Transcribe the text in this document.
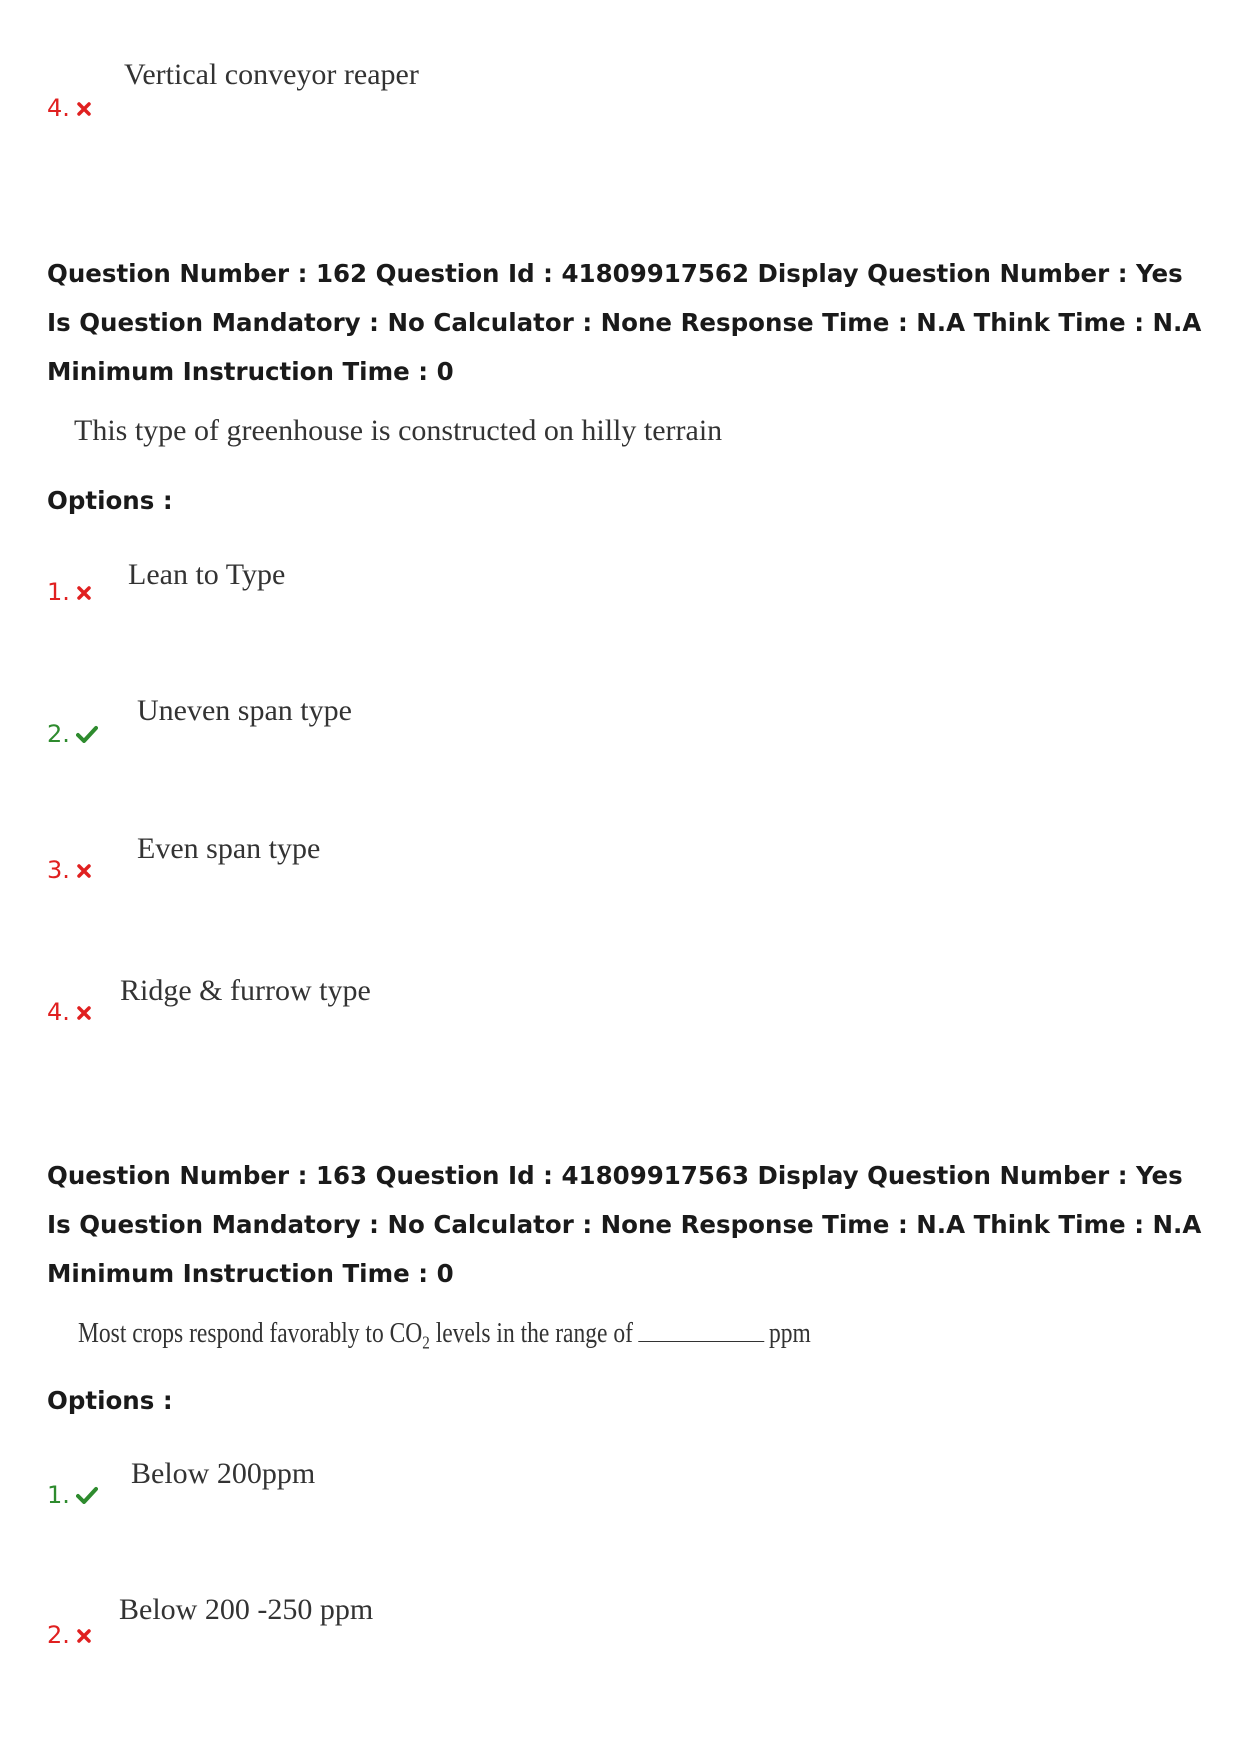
Vertical conveyor reaper
4.
Question Number : 162 Question Id : 41809917562 Display Question Number : Yes Is Question Mandatory : No Calculator : None Response Time : N.A Think Time : N.A Minimum Instruction Time : 0
This type of greenhouse is constructed on hilly terrain
Options :
Lean to Type
1.
Uneven span type
2.
Even span type
3.
Ridge & furrow type
4.
Question Number : 163 Question Id : 41809917563 Display Question Number : Yes Is Question Mandatory : No Calculator : None Response Time : N.A Think Time : N.A Minimum Instruction Time : 0
Most crops respond favorably to $CO_2$ levels in the range of	ppm
Options :
Below 200ppm
1.
Below 200 -250 ppm
2.
